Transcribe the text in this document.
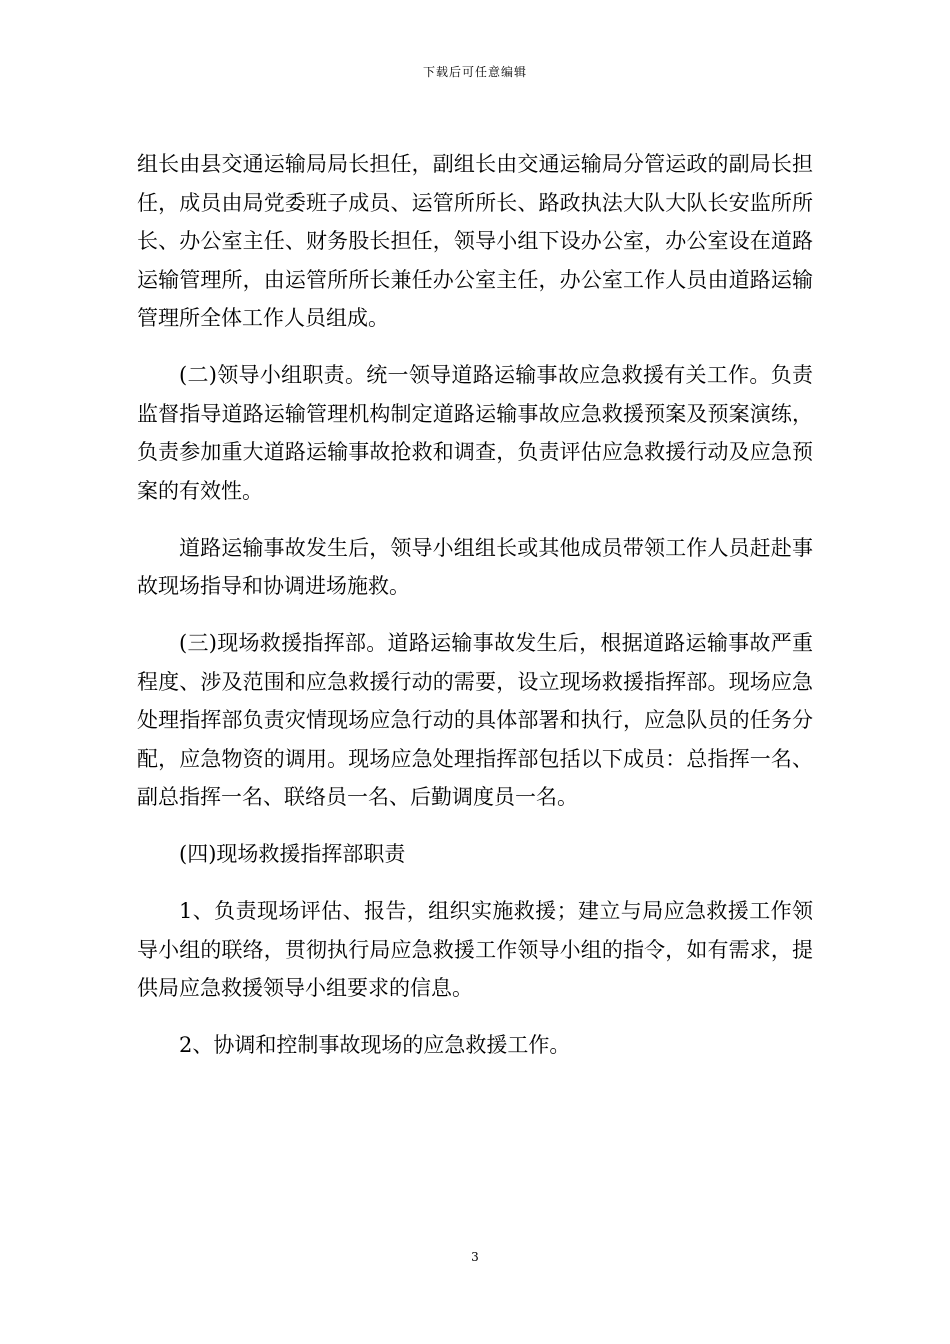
下载后可任意编辑

组长由县交通运输局局长担任，副组长由交通运输局分管运政的副局长担任，成员由局党委班子成员、运管所所长、路政执法大队大队长安监所所长、办公室主任、财务股长担任，领导小组下设办公室，办公室设在道路运输管理所，由运管所所长兼任办公室主任，办公室工作人员由道路运输管理所全体工作人员组成。

(二)领导小组职责。统一领导道路运输事故应急救援有关工作。负责监督指导道路运输管理机构制定道路运输事故应急救援预案及预案演练，负责参加重大道路运输事故抢救和调查，负责评估应急救援行动及应急预案的有效性。

道路运输事故发生后，领导小组组长或其他成员带领工作人员赶赴事故现场指导和协调进场施救。

(三)现场救援指挥部。道路运输事故发生后，根据道路运输事故严重程度、涉及范围和应急救援行动的需要，设立现场救援指挥部。现场应急处理指挥部负责灾情现场应急行动的具体部署和执行，应急队员的任务分配，应急物资的调用。现场应急处理指挥部包括以下成员：总指挥一名、副总指挥一名、联络员一名、后勤调度员一名。

(四)现场救援指挥部职责

1、负责现场评估、报告，组织实施救援；建立与局应急救援工作领导小组的联络，贯彻执行局应急救援工作领导小组的指令，如有需求，提供局应急救援领导小组要求的信息。

2、协调和控制事故现场的应急救援工作。

3
